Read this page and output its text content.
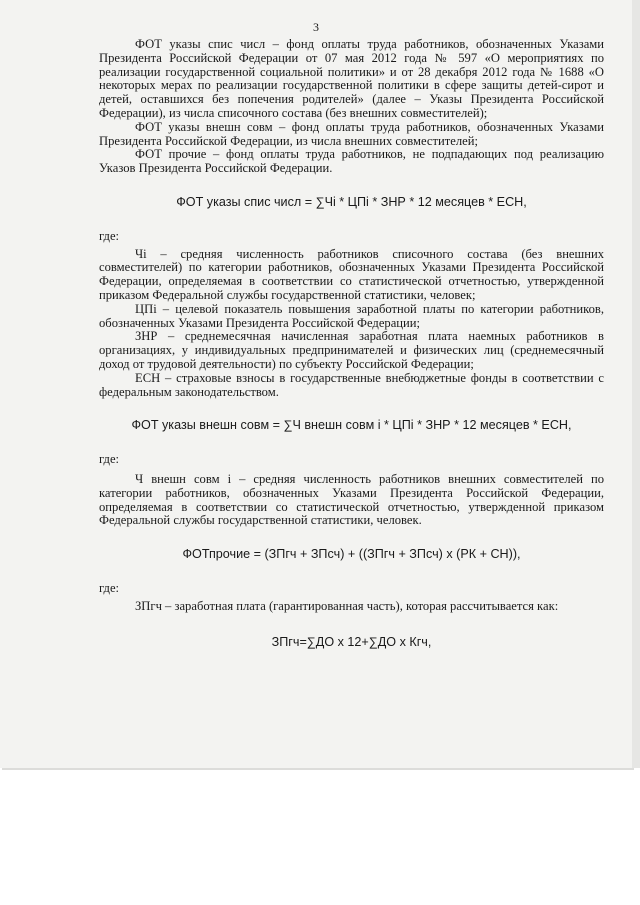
3

ФОТ указы спис числ – фонд оплаты труда работников, обозначенных Указами Президента Российской Федерации от 07 мая 2012 года № 597 «О мероприятиях по реализации государственной социальной политики» и от 28 декабря 2012 года № 1688 «О некоторых мерах по реализации государственной политики в сфере защиты детей-сирот и детей, оставшихся без попечения родителей» (далее – Указы Президента Российской Федерации), из числа списочного состава (без внешних совместителей);

ФОТ указы внешн совм – фонд оплаты труда работников, обозначенных Указами Президента Российской Федерации, из числа внешних совместителей;

ФОТ прочие – фонд оплаты труда работников, не подпадающих под реализацию Указов Президента Российской Федерации.

ФОТ указы спис числ = ∑Чi * ЦПi * ЗНР * 12 месяцев * ЕСН,

где:

Чi – средняя численность работников списочного состава (без внешних совместителей) по категории работников, обозначенных Указами Президента Российской Федерации, определяемая в соответствии со статистической отчетностью, утвержденной приказом Федеральной службы государственной статистики, человек;

ЦПi – целевой показатель повышения заработной платы по категории работников, обозначенных Указами Президента Российской Федерации;

ЗНР – среднемесячная начисленная заработная плата наемных работников в организациях, у индивидуальных предпринимателей и физических лиц (среднемесячный доход от трудовой деятельности) по субъекту Российской Федерации;

ЕСН – страховые взносы в государственные внебюджетные фонды в соответствии с федеральным законодательством.

ФОТ указы внешн совм = ∑Ч внешн совм i * ЦПi * ЗНР * 12 месяцев * ЕСН,

где:

Ч внешн совм i – средняя численность работников внешних совместителей по категории работников, обозначенных Указами Президента Российской Федерации, определяемая в соответствии со статистической отчетностью, утвержденной приказом Федеральной службы государственной статистики, человек.

ФОТпрочие = (ЗПгч + ЗПсч) + ((ЗПгч + ЗПсч) х (РК + СН)),

где:

ЗПгч – заработная плата (гарантированная часть), которая рассчитывается как:

ЗПгч=∑ДО х 12+∑ДО х Кгч,
